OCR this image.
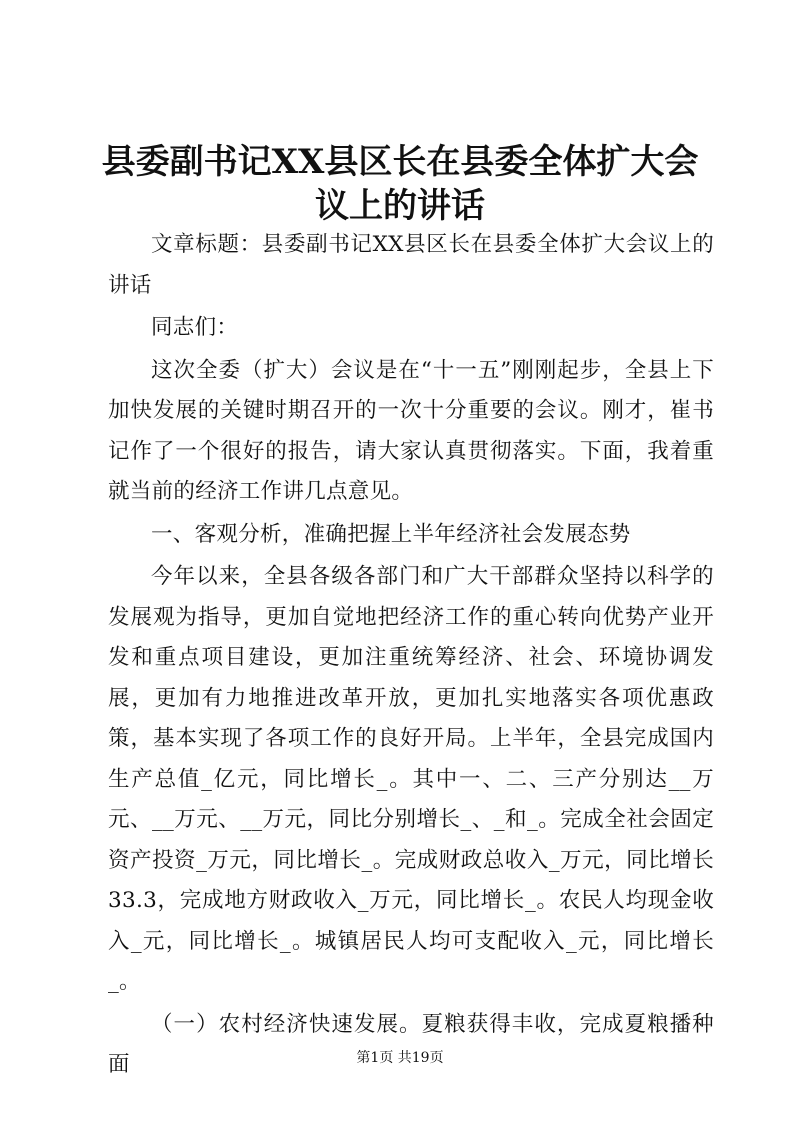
县委副书记XX县区长在县委全体扩大会议上的讲话

文章标题：县委副书记XX县区长在县委全体扩大会议上的讲话

同志们：

这次全委（扩大）会议是在“十一五”刚刚起步，全县上下加快发展的关键时期召开的一次十分重要的会议。刚才，崔书记作了一个很好的报告，请大家认真贯彻落实。下面，我着重就当前的经济工作讲几点意见。

一、客观分析，准确把握上半年经济社会发展态势

今年以来，全县各级各部门和广大干部群众坚持以科学的发展观为指导，更加自觉地把经济工作的重心转向优势产业开发和重点项目建设，更加注重统筹经济、社会、环境协调发展，更加有力地推进改革开放，更加扎实地落实各项优惠政策，基本实现了各项工作的良好开局。上半年，全县完成国内生产总值_亿元，同比增长_。其中一、二、三产分别达__万元、__万元、__万元，同比分别增长_、_和_。完成全社会固定资产投资_万元，同比增长_。完成财政总收入_万元，同比增长33.3，完成地方财政收入_万元，同比增长_。农民人均现金收入_元，同比增长_。城镇居民人均可支配收入_元，同比增长_。

（一）农村经济快速发展。夏粮获得丰收，完成夏粮播种面	第1页 共19页
